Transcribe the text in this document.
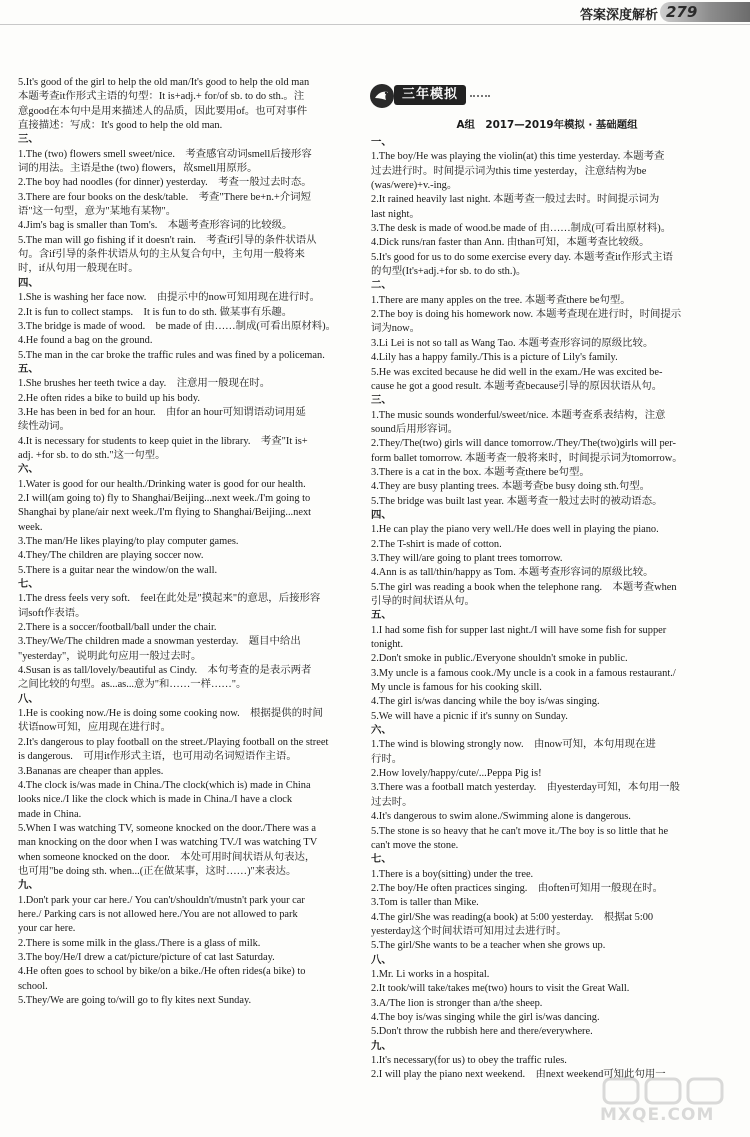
答案深度解析 279
三年模拟
A组　2017—2019年模拟 · 基础题组
5.It's good of the girl to help the old man/It's good to help the old man
本题考查it作形式主语的句型：It is+adj.+ for/of sb. to do sth.。注
意good在本句中是用来描述人的品质，因此要用of。也可对事件
直接描述：写成：It's good to help the old man.
三、
1.The (two) flowers smell sweet/nice.　考查感官动词smell后接形容
词的用法。主语是the (two) flowers，故smell用原形。
2.The boy had noodles (for dinner) yesterday.　考查一般过去时态。
3.There are four books on the desk/table.　考查"There be+n.+介词短
语"这一句型，意为"某地有某物"。
4.Jim's bag is smaller than Tom's.　本题考查形容词的比较级。
5.The man will go fishing if it doesn't rain.　考查if引导的条件状语从
句。含if引导的条件状语从句的主从复合句中，主句用一般将来
时，if从句用一般现在时。
四、
1.She is washing her face now.　由提示中的now可知用现在进行时。
2.It is fun to collect stamps.　It is fun to do sth. 做某事有乐趣。
3.The bridge is made of wood.　be made of 由……制成(可看出原材料)。
4.He found a bag on the ground.
5.The man in the car broke the traffic rules and was fined by a policeman.
五、
1.She brushes her teeth twice a day.　注意用一般现在时。
2.He often rides a bike to build up his body.
3.He has been in bed for an hour.　由for an hour可知谓语动词用延
续性动词。
4.It is necessary for students to keep quiet in the library.　考查"It is+
adj. +for sb. to do sth."这一句型。
六、
1.Water is good for our health./Drinking water is good for our health.
2.I will(am going to) fly to Shanghai/Beijing...next week./I'm going to
Shanghai by plane/air next week./I'm flying to Shanghai/Beijing...next
week.
3.The man/He likes playing/to play computer games.
4.They/The children are playing soccer now.
5.There is a guitar near the window/on the wall.
七、
1.The dress feels very soft.　feel在此处是"摸起来"的意思，后接形容
词soft作表语。
2.There is a soccer/football/ball under the chair.
3.They/We/The children made a snowman yesterday.　题目中给出
"yesterday"，说明此句应用一般过去时。
4.Susan is as tall/lovely/beautiful as Cindy.　本句考查的是表示两者
之间比较的句型。as...as...意为"和……一样……"。
八、
1.He is cooking now./He is doing some cooking now.　根据提供的时间
状语now可知，应用现在进行时。
2.It's dangerous to play football on the street./Playing football on the street
is dangerous.　可用it作形式主语，也可用动名词短语作主语。
3.Bananas are cheaper than apples.
4.The clock is/was made in China./The clock(which is) made in China
looks nice./I like the clock which is made in China./I have a clock
made in China.
5.When I was watching TV, someone knocked on the door./There was a
man knocking on the door when I was watching TV./I was watching TV
when someone knocked on the door.　本处可用时间状语从句表达，
也可用"be doing sth. when...(正在做某事，这时……)"来表达。
九、
1.Don't park your car here./ You can't/shouldn't/mustn't park your car
here./ Parking cars is not allowed here./You are not allowed to park
your car here.
2.There is some milk in the glass./There is a glass of milk.
3.The boy/He/I drew a cat/picture/picture of cat last Saturday.
4.He often goes to school by bike/on a bike./He often rides(a bike) to
school.
5.They/We are going to/will go to fly kites next Sunday.
一、
1.The boy/He was playing the violin(at) this time yesterday. 本题考查
过去进行时。时间提示词为this time yesterday，注意结构为be
(was/were)+v.-ing。
2.It rained heavily last night. 本题考查一般过去时。时间提示词为
last night。
3.The desk is made of wood.be made of 由……制成(可看出原材料)。
4.Dick runs/ran faster than Ann. 由than可知，本题考查比较级。
5.It's good for us to do some exercise every day. 本题考查it作形式主语
的句型(It's+adj.+for sb. to do sth.)。
二、
1.There are many apples on the tree. 本题考查there be句型。
2.The boy is doing his homework now. 本题考查现在进行时，时间提示
词为now。
3.Li Lei is not so tall as Wang Tao. 本题考查形容词的原级比较。
4.Lily has a happy family./This is a picture of Lily's family.
5.He was excited because he did well in the exam./He was excited be-
cause he got a good result. 本题考查because引导的原因状语从句。
三、
1.The music sounds wonderful/sweet/nice. 本题考查系表结构，注意
sound后用形容词。
2.They/The(two) girls will dance tomorrow./They/The(two)girls will per-
form ballet tomorrow. 本题考查一般将来时，时间提示词为tomorrow。
3.There is a cat in the box. 本题考查there be句型。
4.They are busy planting trees. 本题考查be busy doing sth.句型。
5.The bridge was built last year. 本题考查一般过去时的被动语态。
四、
1.He can play the piano very well./He does well in playing the piano.
2.The T-shirt is made of cotton.
3.They will/are going to plant trees tomorrow.
4.Ann is as tall/thin/happy as Tom. 本题考查形容词的原级比较。
5.The girl was reading a book when the telephone rang.　本题考查when
引导的时间状语从句。
五、
1.I had some fish for supper last night./I will have some fish for supper
tonight.
2.Don't smoke in public./Everyone shouldn't smoke in public.
3.My uncle is a famous cook./My uncle is a cook in a famous restaurant./
My uncle is famous for his cooking skill.
4.The girl is/was dancing while the boy is/was singing.
5.We will have a picnic if it's sunny on Sunday.
六、
1.The wind is blowing strongly now.　由now可知，本句用现在进
行时。
2.How lovely/happy/cute/...Peppa Pig is!
3.There was a football match yesterday.　由yesterday可知，本句用一般
过去时。
4.It's dangerous to swim alone./Swimming alone is dangerous.
5.The stone is so heavy that he can't move it./The boy is so little that he
can't move the stone.
七、
1.There is a boy(sitting) under the tree.
2.The boy/He often practices singing.　由often可知用一般现在时。
3.Tom is taller than Mike.
4.The girl/She was reading(a book) at 5:00 yesterday.　根据at 5:00
yesterday这个时间状语可知用过去进行时。
5.The girl/She wants to be a teacher when she grows up.
八、
1.Mr. Li works in a hospital.
2.It took/will take/takes me(two) hours to visit the Great Wall.
3.A/The lion is stronger than a/the sheep.
4.The boy is/was singing while the girl is/was dancing.
5.Don't throw the rubbish here and there/everywhere.
九、
1.It's necessary(for us) to obey the traffic rules.
2.I will play the piano next weekend.　由next weekend可知此句用一
MXQE.COM
